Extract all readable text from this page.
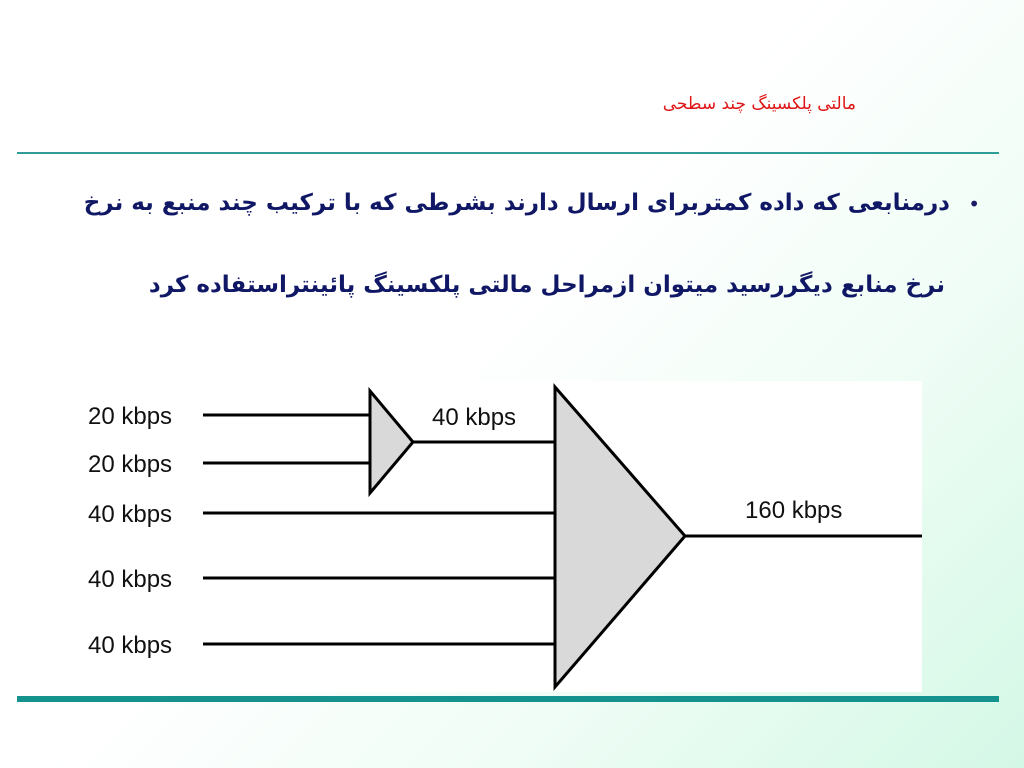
مالتی پلکسینگ چند سطحی
•
درمنابعی که داده کمتربرای ارسال دارند بشرطی که با ترکیب چند منبع به نرخ
نرخ منابع دیگررسید میتوان ازمراحل مالتی پلکسینگ پائینتراستفاده کرد
20 kbps
20 kbps
40 kbps
40 kbps
40 kbps
40 kbps
160 kbps
